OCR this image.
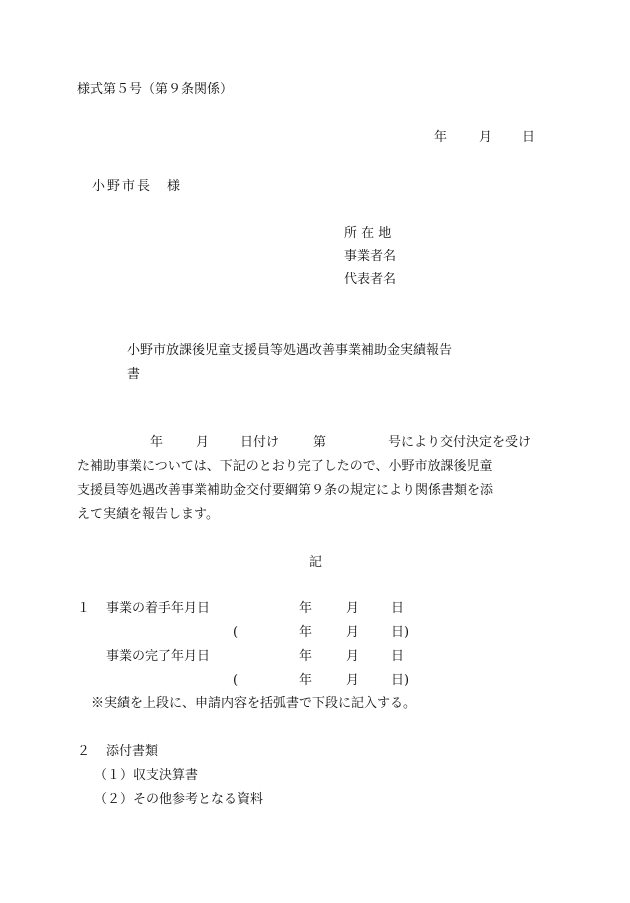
様式第５号（第９条関係）
年 月 日
小野市長　様
所 在 地
事業者名
代表者名
小野市放課後児童支援員等処遇改善事業補助金実績報告
書
年	月 日付け	第	号により交付決定を受け
た補助事業については、下記のとおり完了したので、小野市放課後児童
支援員等処遇改善事業補助金交付要綱第９条の規定により関係書類を添
えて実績を報告します。
記
１ 事業の着手年月日	年	月 日
(	年	月 日)
事業の完了年月日	年	月 日
(	年	月 日)
※実績を上段に、申請内容を括弧書で下段に記入する。
２ 添付書類
（１）収支決算書
（２）その他参考となる資料
